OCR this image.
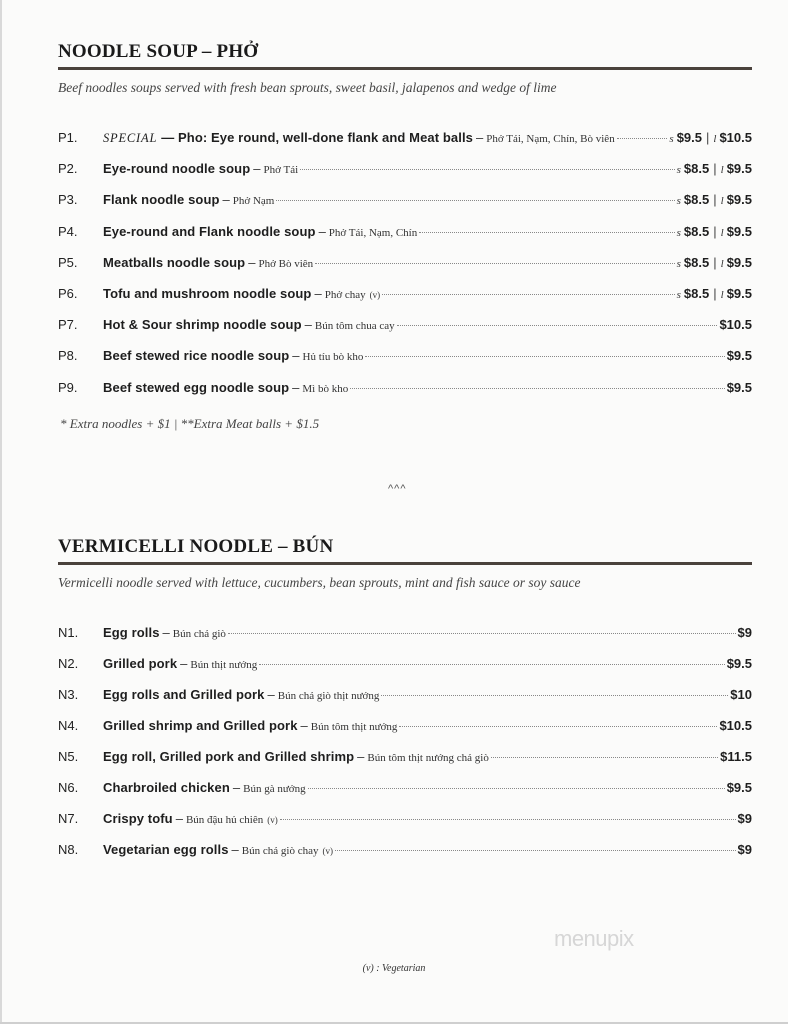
NOODLE SOUP – PHỞ
Beef noodles soups served with fresh bean sprouts, sweet basil, jalapenos and wedge of lime
P1.	SPECIAL — Pho: Eye round, well-done flank and Meat balls – Phở Tái, Nạm, Chín, Bò viên	s $9.5 | l $10.5
P2.	Eye-round noodle soup – Phở Tái	s $8.5 | l $9.5
P3.	Flank noodle soup – Phở Nạm	s $8.5 | l $9.5
P4.	Eye-round and Flank noodle soup – Phở Tái, Nạm, Chín	s $8.5 | l $9.5
P5.	Meatballs noodle soup – Phở Bò viên	s $8.5 | l $9.5
P6.	Tofu and mushroom noodle soup – Phở chay (v)	s $8.5 | l $9.5
P7.	Hot & Sour shrimp noodle soup – Bún tôm chua cay	$10.5
P8.	Beef stewed rice noodle soup – Hủ tíu bò kho	$9.5
P9.	Beef stewed egg noodle soup – Mì bò kho	$9.5
* Extra noodles + $1 | **Extra Meat balls + $1.5
^^^
VERMICELLI NOODLE – BÚN
Vermicelli noodle served with lettuce, cucumbers, bean sprouts, mint and fish sauce or soy sauce
N1.	Egg rolls – Bún chả giò	$9
N2.	Grilled pork – Bún thịt nướng	$9.5
N3.	Egg rolls and Grilled pork – Bún chả giò thịt nướng	$10
N4.	Grilled shrimp and Grilled pork – Bún tôm thịt nướng	$10.5
N5.	Egg roll, Grilled pork and Grilled shrimp – Bún tôm thịt nướng chả giò	$11.5
N6.	Charbroiled chicken – Bún gà nướng	$9.5
N7.	Crispy tofu – Bún đậu hủ chiên (v)	$9
N8.	Vegetarian egg rolls – Bún chả giò chay (v)	$9
menupix
(v) : Vegetarian
